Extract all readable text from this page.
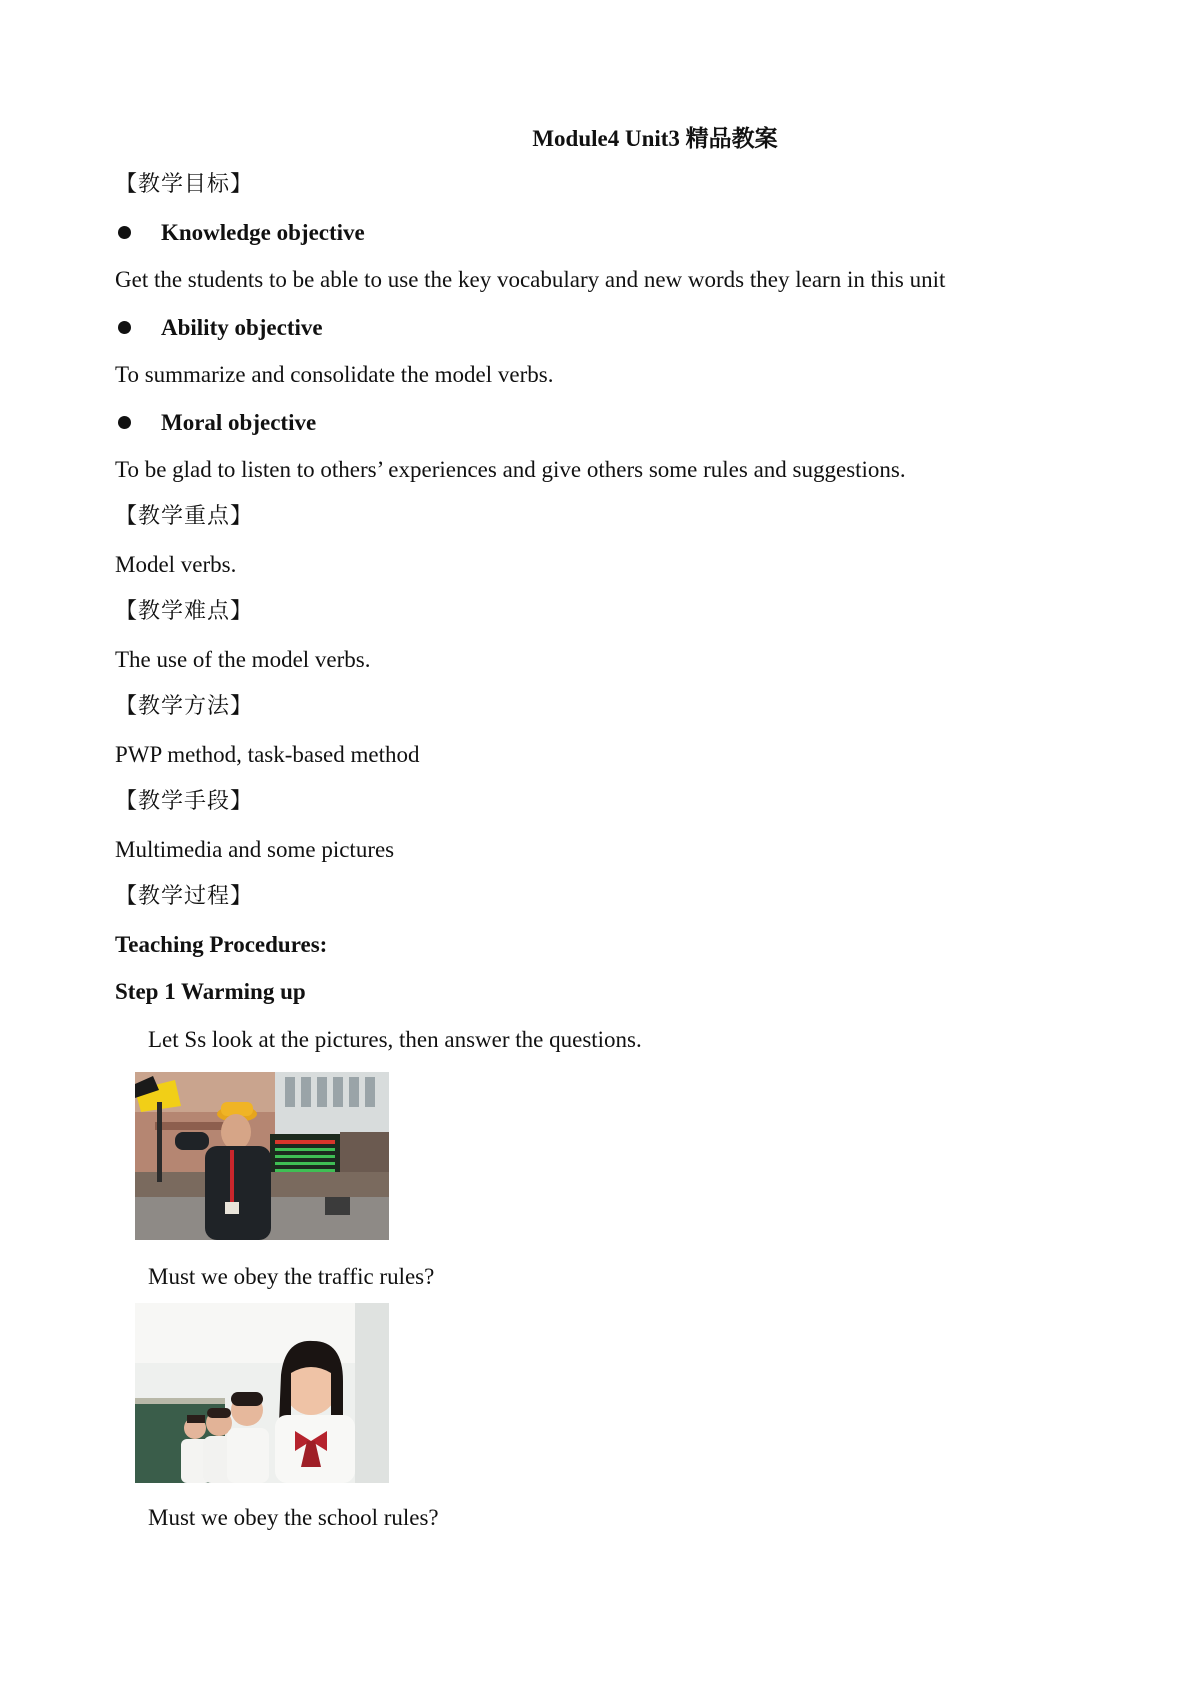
Module4 Unit3 精品教案
【教学目标】
Knowledge objective
Get the students to be able to use the key vocabulary and new words they learn in this unit
Ability objective
To summarize and consolidate the model verbs.
Moral objective
To be glad to listen to others’ experiences and give others some rules and suggestions.
【教学重点】
Model verbs.
【教学难点】
The use of the model verbs.
【教学方法】
PWP method, task-based method
【教学手段】
Multimedia and some pictures
【教学过程】
Teaching Procedures:
Step 1 Warming up
Let Ss look at the pictures, then answer the questions.
Must we obey the traffic rules?
Must we obey the school rules?
